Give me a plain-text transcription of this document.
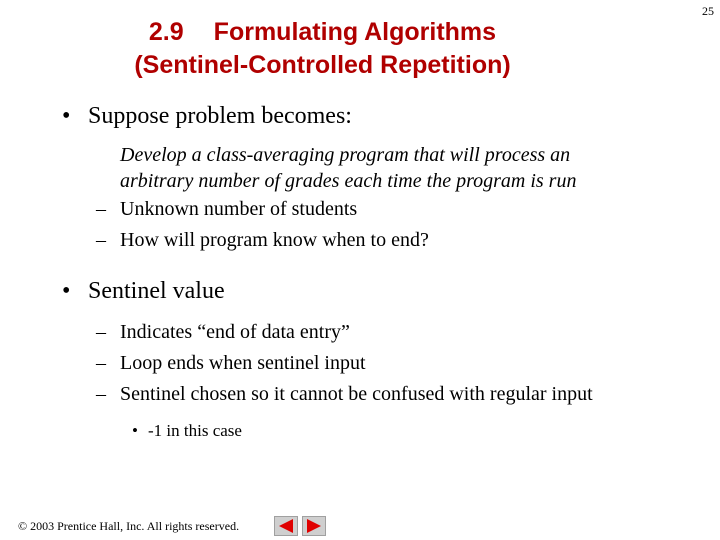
25
2.9 Formulating Algorithms
(Sentinel-Controlled Repetition)
• Suppose problem becomes:
Develop a class-averaging program that will process an
arbitrary number of grades each time the program is run
– Unknown number of students
– How will program know when to end?
• Sentinel value
– Indicates “end of data entry”
– Loop ends when sentinel input
– Sentinel chosen so it cannot be confused with regular input
• -1 in this case
© 2003 Prentice Hall, Inc. All rights reserved.
